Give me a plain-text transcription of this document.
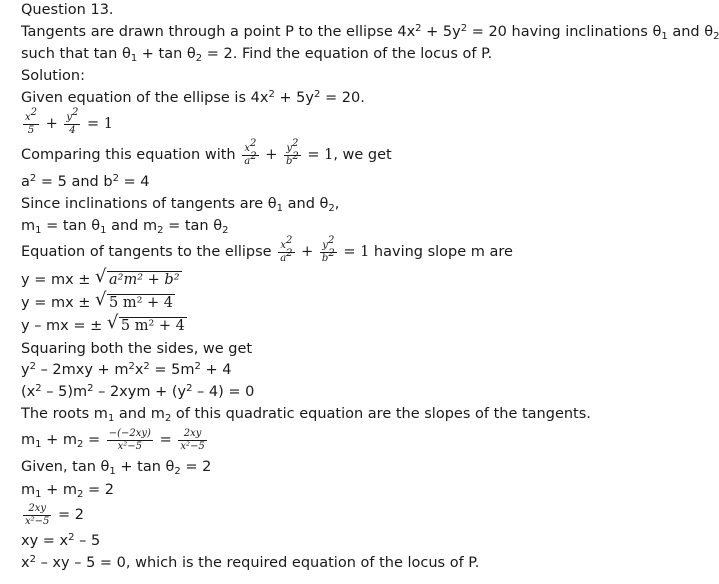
Question 13.
Tangents are drawn through a point P to the ellipse $4x^2 + 5y^2 = 20$ having inclinations $\theta_1$ and $\theta_2$
such that $\tan \theta_1 + \tan \theta_2 = 2$. Find the equation of the locus of P.
Solution:
Given equation of the ellipse is $4x^2 + 5y^2 = 20$.
$\frac{x^2}{5} + \frac{y^2}{4} = 1$
Comparing this equation with $\frac{x^2}{a^2} + \frac{y^2}{b^2} = 1$, we get
$a^2 = 5$ and $b^2 = 4$
Since inclinations of tangents are $\theta_1$ and $\theta_2$,
$m_1 = \tan \theta_1$ and $m_2 = \tan \theta_2$
Equation of tangents to the ellipse $\frac{x^2}{a^2} + \frac{y^2}{b^2} = 1$ having slope m are
y = mx ± √ a²m² + b²
y = mx ± √ 5 m² + 4
y – mx = ± √ 5 m² + 4
Squaring both the sides, we get
$y^2 - 2mxy + m^2x^2 = 5m^2 + 4$
$(x^2 - 5)m^2 - 2xym + (y^2 - 4) = 0$
The roots $m_1$ and $m_2$ of this quadratic equation are the slopes of the tangents.
$m_1 + m_2 = \frac{-(-2xy)}{\text{x²−5}} = \frac{2xy}{\text{x²−5}}$
Given, $\tan \theta_1 + \tan \theta_2 = 2$
$m_1 + m_2 = 2$
$\frac{2xy}{\text{x²−5}} = 2$
xy = $x^2 - 5$
$x^2$ – xy – 5 = 0, which is the required equation of the locus of P.
